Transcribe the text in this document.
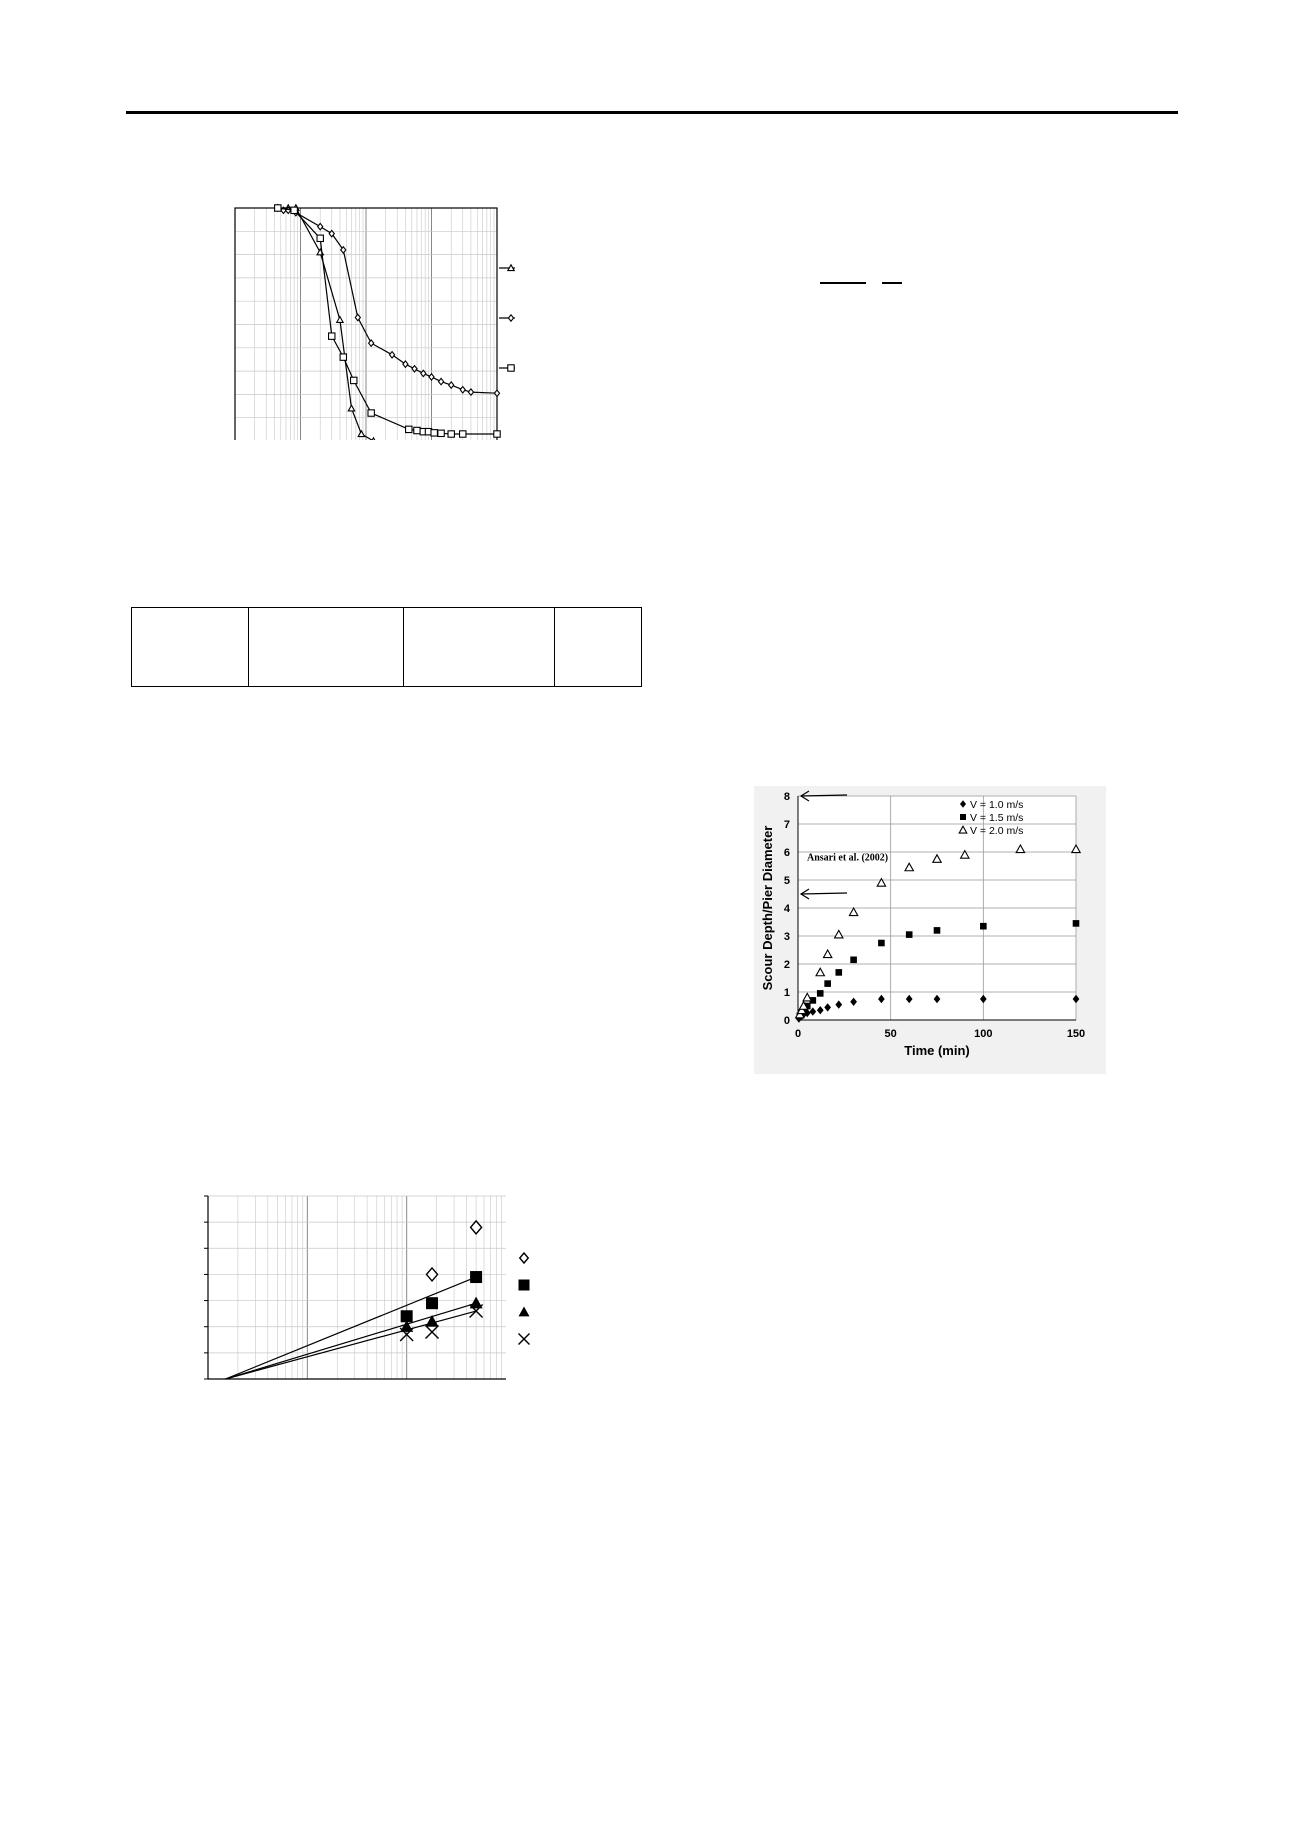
0
1
2
3
4
5
6
7
8
0	50	100	150
Time (min)
Scour Depth/Pier Diameter	Ansari et al. (2002)
V = 1.0 m/s
V = 1.5 m/s
V = 2.0 m/s
